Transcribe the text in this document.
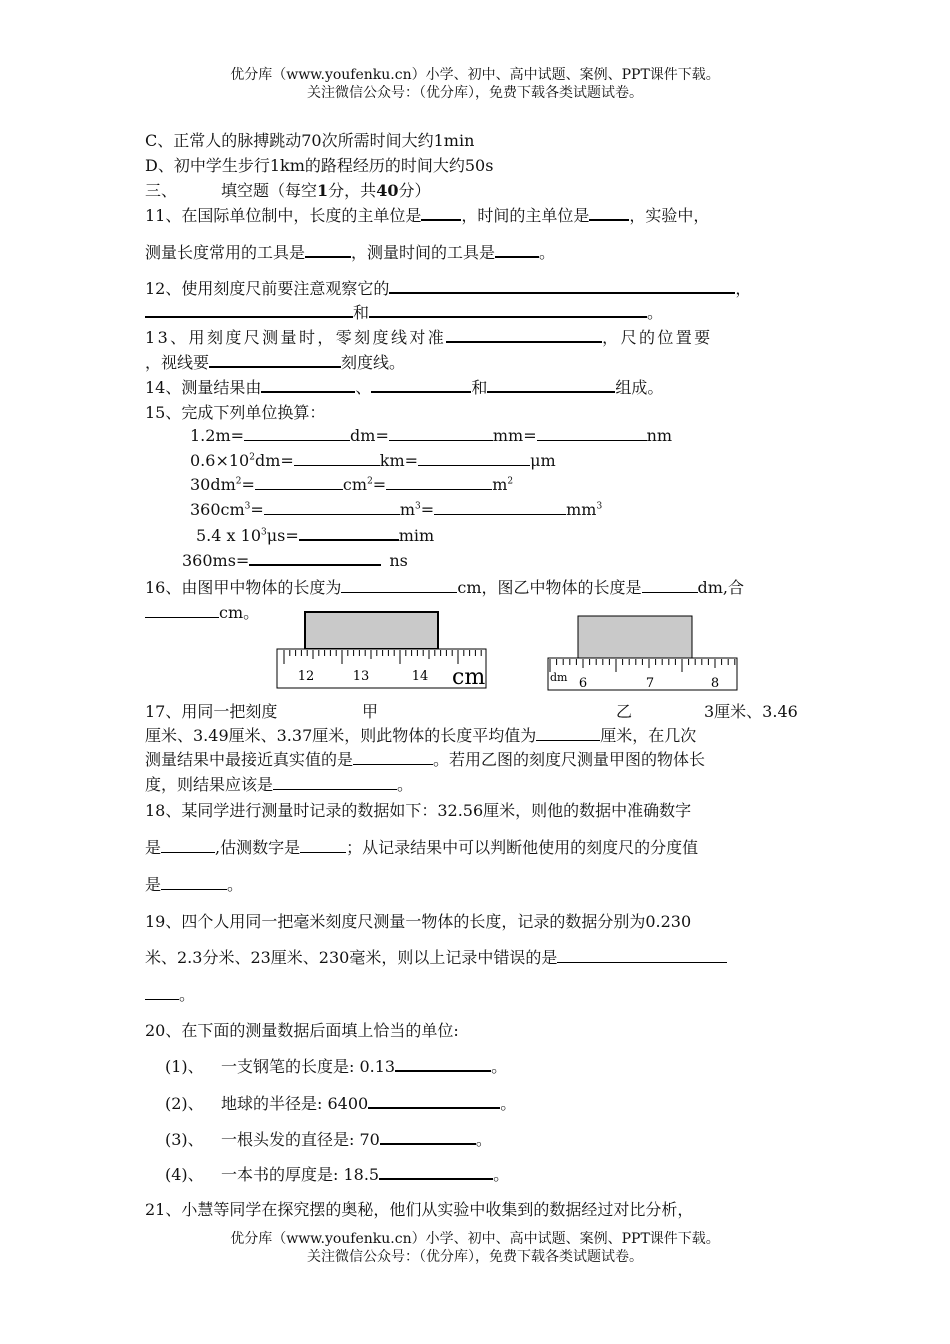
优分库（www.youfenku.cn）小学、初中、高中试题、案例、PPT课件下载。
关注微信公众号：（优分库），免费下载各类试题试卷。
C、正常人的脉搏跳动70次所需时间大约1min
D、初中学生步行1km的路程经历的时间大约50s
三、	填空题（每空1分，共40分）
11、在国际单位制中，长度的主单位是	，时间的主单位是	，实验中，
测量长度常用的工具是	，测量时间的工具是	。
12、使用刻度尺前要注意观察它的	，
和	。
13、用刻度尺测量时，零刻度线对准	，尺的位置要
，视线要	刻度线。
14、测量结果由	、	和	组成。
15、完成下列单位换算：
1.2m=	dm=	mm=	nm
$0.6\times 10^2dm=$	km=	μm
$30dm^2=$	$cm^2=$	$m^2$
$360cm^3=$	$m^3=$	$mm^3$
5.4 x $10^3\mu s=$	mim
360ms=	ns
16、由图甲中物体的长度为	cm，图乙中物体的长度是	dm,合
cm。
12	13	14 cm	dm 6	7	8
17、用同一把刻度	甲	乙	3厘米、3.46
厘米、3.49厘米、3.37厘米，则此物体的长度平均值为	厘米，在几次
测量结果中最接近真实值的是	。若用乙图的刻度尺测量甲图的物体长
度，则结果应该是	。
18、某同学进行测量时记录的数据如下：32.56厘米，则他的数据中准确数字
是	,估测数字是	；从记录结果中可以判断他使用的刻度尺的分度值
是	。
19、四个人用同一把毫米刻度尺测量一物体的长度，记录的数据分别为0.230
米、2.3分米、23厘米、230毫米，则以上记录中错误的是
。
20、在下面的测量数据后面填上恰当的单位:
(1)、 一支钢笔的长度是: 0.13	。
(2)、 地球的半径是: 6400	。
(3)、 一根头发的直径是: 70	。
(4)、 一本书的厚度是: 18.5	。
21、小慧等同学在探究摆的奥秘，他们从实验中收集到的数据经过对比分析，
优分库（www.youfenku.cn）小学、初中、高中试题、案例、PPT课件下载。
关注微信公众号：（优分库），免费下载各类试题试卷。
